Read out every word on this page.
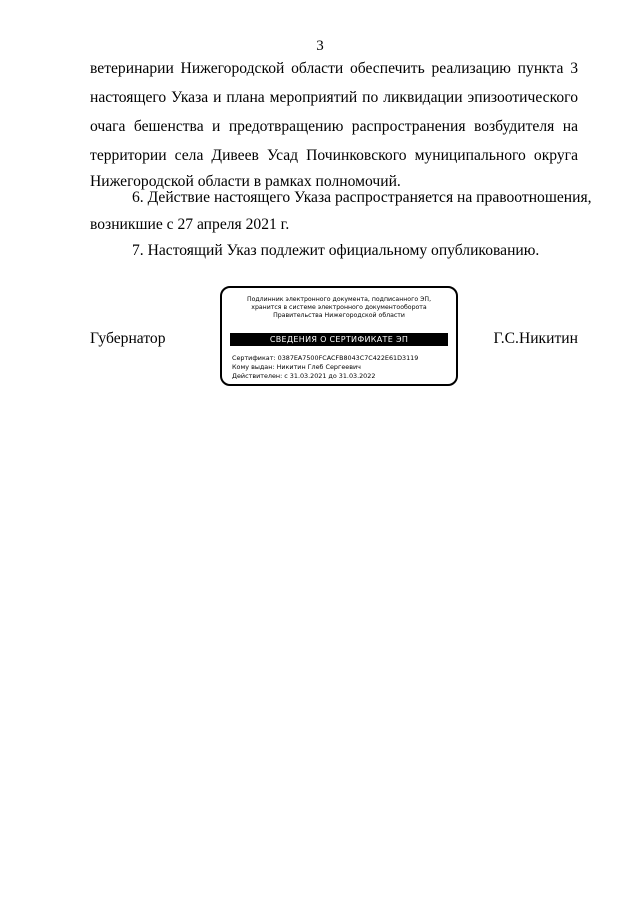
3
ветеринарии Нижегородской области обеспечить реализацию пункта 3
настоящего Указа и плана мероприятий по ликвидации эпизоотического
очага бешенства и предотвращению распространения возбудителя на
территории села Дивеев Усад Починковского муниципального округа
Нижегородской области в рамках полномочий.
6. Действие настоящего Указа распространяется на правоотношения,
возникшие с 27 апреля 2021 г.
7. Настоящий Указ подлежит официальному опубликованию.
Губернатор
Подлинник электронного документа, подписанного ЭП,
хранится в системе электронного документооборота
Правительства Нижегородской области
СВЕДЕНИЯ О СЕРТИФИКАТЕ ЭП
Сертификат: 0387EA7500FCACFB8043C7C422E61D3119
Кому выдан: Никитин Глеб Сергеевич
Действителен: с 31.03.2021 до 31.03.2022
Г.С.Никитин
